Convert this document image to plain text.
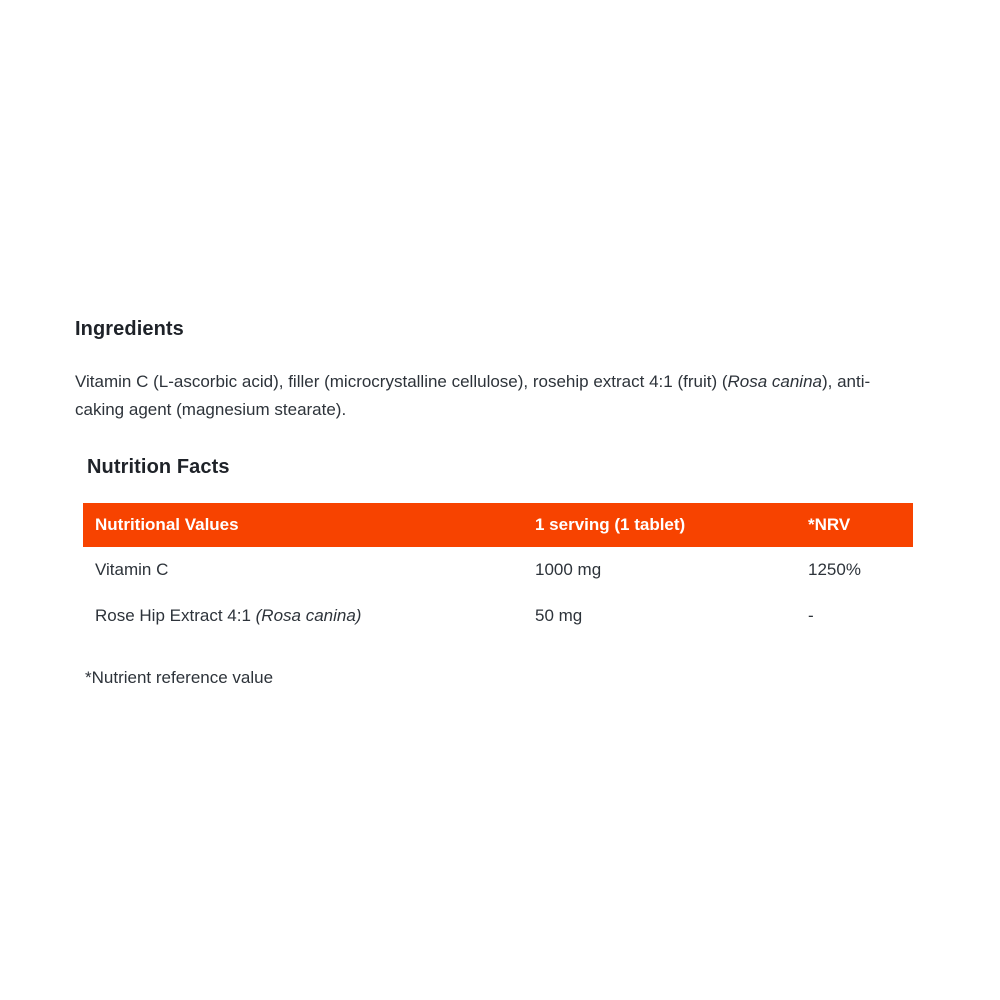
Ingredients

Vitamin C (L-ascorbic acid), filler (microcrystalline cellulose), rosehip extract 4:1 (fruit) (Rosa canina), anti-caking agent (magnesium stearate).

Nutrition Facts
Nutritional Values	1 serving (1 tablet)	*NRV
Vitamin C	1000 mg	1250%
Rose Hip Extract 4:1 (Rosa canina)	50 mg	-
*Nutrient reference value
